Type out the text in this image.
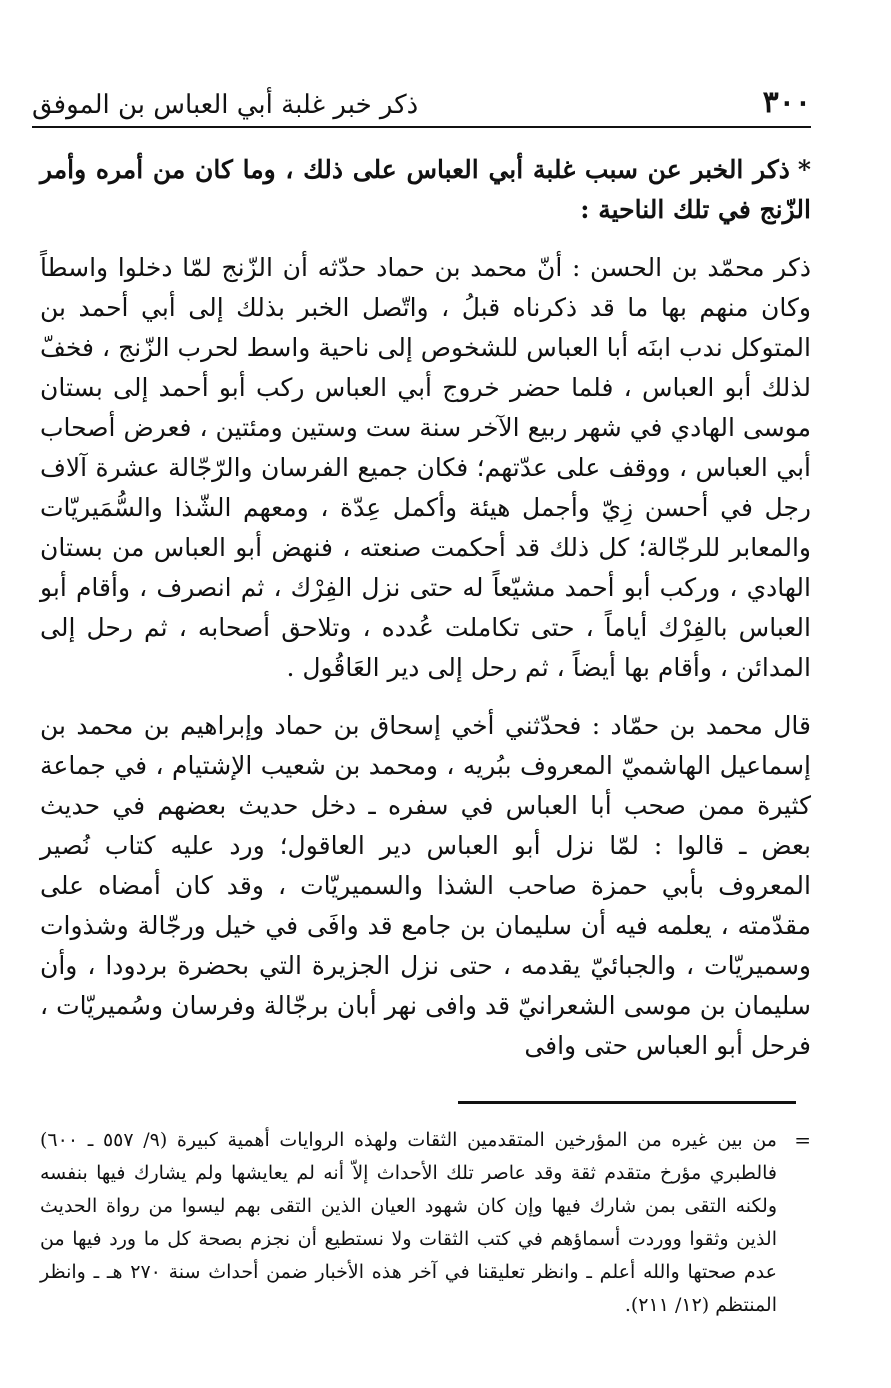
٣٠٠
ذكر خبر غلبة أبي العباس بن الموفق

*ذكر الخبر عن سبب غلبة أبي العباس على ذلك ، وما كان من أمره وأمر الزّنج في تلك الناحية :

ذكر محمّد بن الحسن : أنّ محمد بن حماد حدّثه أن الزّنج لمّا دخلوا واسطاً وكان منهم بها ما قد ذكرناه قبلُ ، واتّصل الخبر بذلك إلى أبي أحمد بن المتوكل ندب ابنَه أبا العباس للشخوص إلى ناحية واسط لحرب الزّنج ، فخفّ لذلك أبو العباس ، فلما حضر خروج أبي العباس ركب أبو أحمد إلى بستان موسى الهادي في شهر ربيع الآخر سنة ست وستين ومئتين ، فعرض أصحاب أبي العباس ، ووقف على عدّتهم؛ فكان جميع الفرسان والرّجّالة عشرة آلاف رجل في أحسن زِيّ وأجمل هيئة وأكمل عِدّة ، ومعهم الشّذا والسُّمَيريّات والمعابر للرجّالة؛ كل ذلك قد أحكمت صنعته ، فنهض أبو العباس من بستان الهادي ، وركب أبو أحمد مشيّعاً له حتى نزل الفِرْك ، ثم انصرف ، وأقام أبو العباس بالفِرْك أياماً ، حتى تكاملت عُدده ، وتلاحق أصحابه ، ثم رحل إلى المدائن ، وأقام بها أيضاً ، ثم رحل إلى دير العَاقُول .

قال محمد بن حمّاد : فحدّثني أخي إسحاق بن حماد وإبراهيم بن محمد بن إسماعيل الهاشميّ المعروف ببُريه ، ومحمد بن شعيب الإشتيام ، في جماعة كثيرة ممن صحب أبا العباس في سفره ـ دخل حديث بعضهم في حديث بعض ـ قالوا : لمّا نزل أبو العباس دير العاقول؛ ورد عليه كتاب نُصير المعروف بأبي حمزة صاحب الشذا والسميريّات ، وقد كان أمضاه على مقدّمته ، يعلمه فيه أن سليمان بن جامع قد وافَى في خيل ورجّالة وشذوات وسميريّات ، والجبائيّ يقدمه ، حتى نزل الجزيرة التي بحضرة بردودا ، وأن سليمان بن موسى الشعرانيّ قد وافى نهر أبان برجّالة وفرسان وسُميريّات ، فرحل أبو العباس حتى وافى

=

من بين غيره من المؤرخين المتقدمين الثقات ولهذه الروايات أهمية كبيرة (٩/ ٥٥٧ ـ ٦٠٠) فالطبري مؤرخ متقدم ثقة وقد عاصر تلك الأحداث إلاّ أنه لم يعايشها ولم يشارك فيها بنفسه ولكنه التقى بمن شارك فيها وإن كان شهود العيان الذين التقى بهم ليسوا من رواة الحديث الذين وثقوا ووردت أسماؤهم في كتب الثقات ولا نستطيع أن نجزم بصحة كل ما ورد فيها من عدم صحتها والله أعلم ـ وانظر تعليقنا في آخر هذه الأخبار ضمن أحداث سنة ٢٧٠ هـ ـ وانظر المنتظم (١٢/ ٢١١).
